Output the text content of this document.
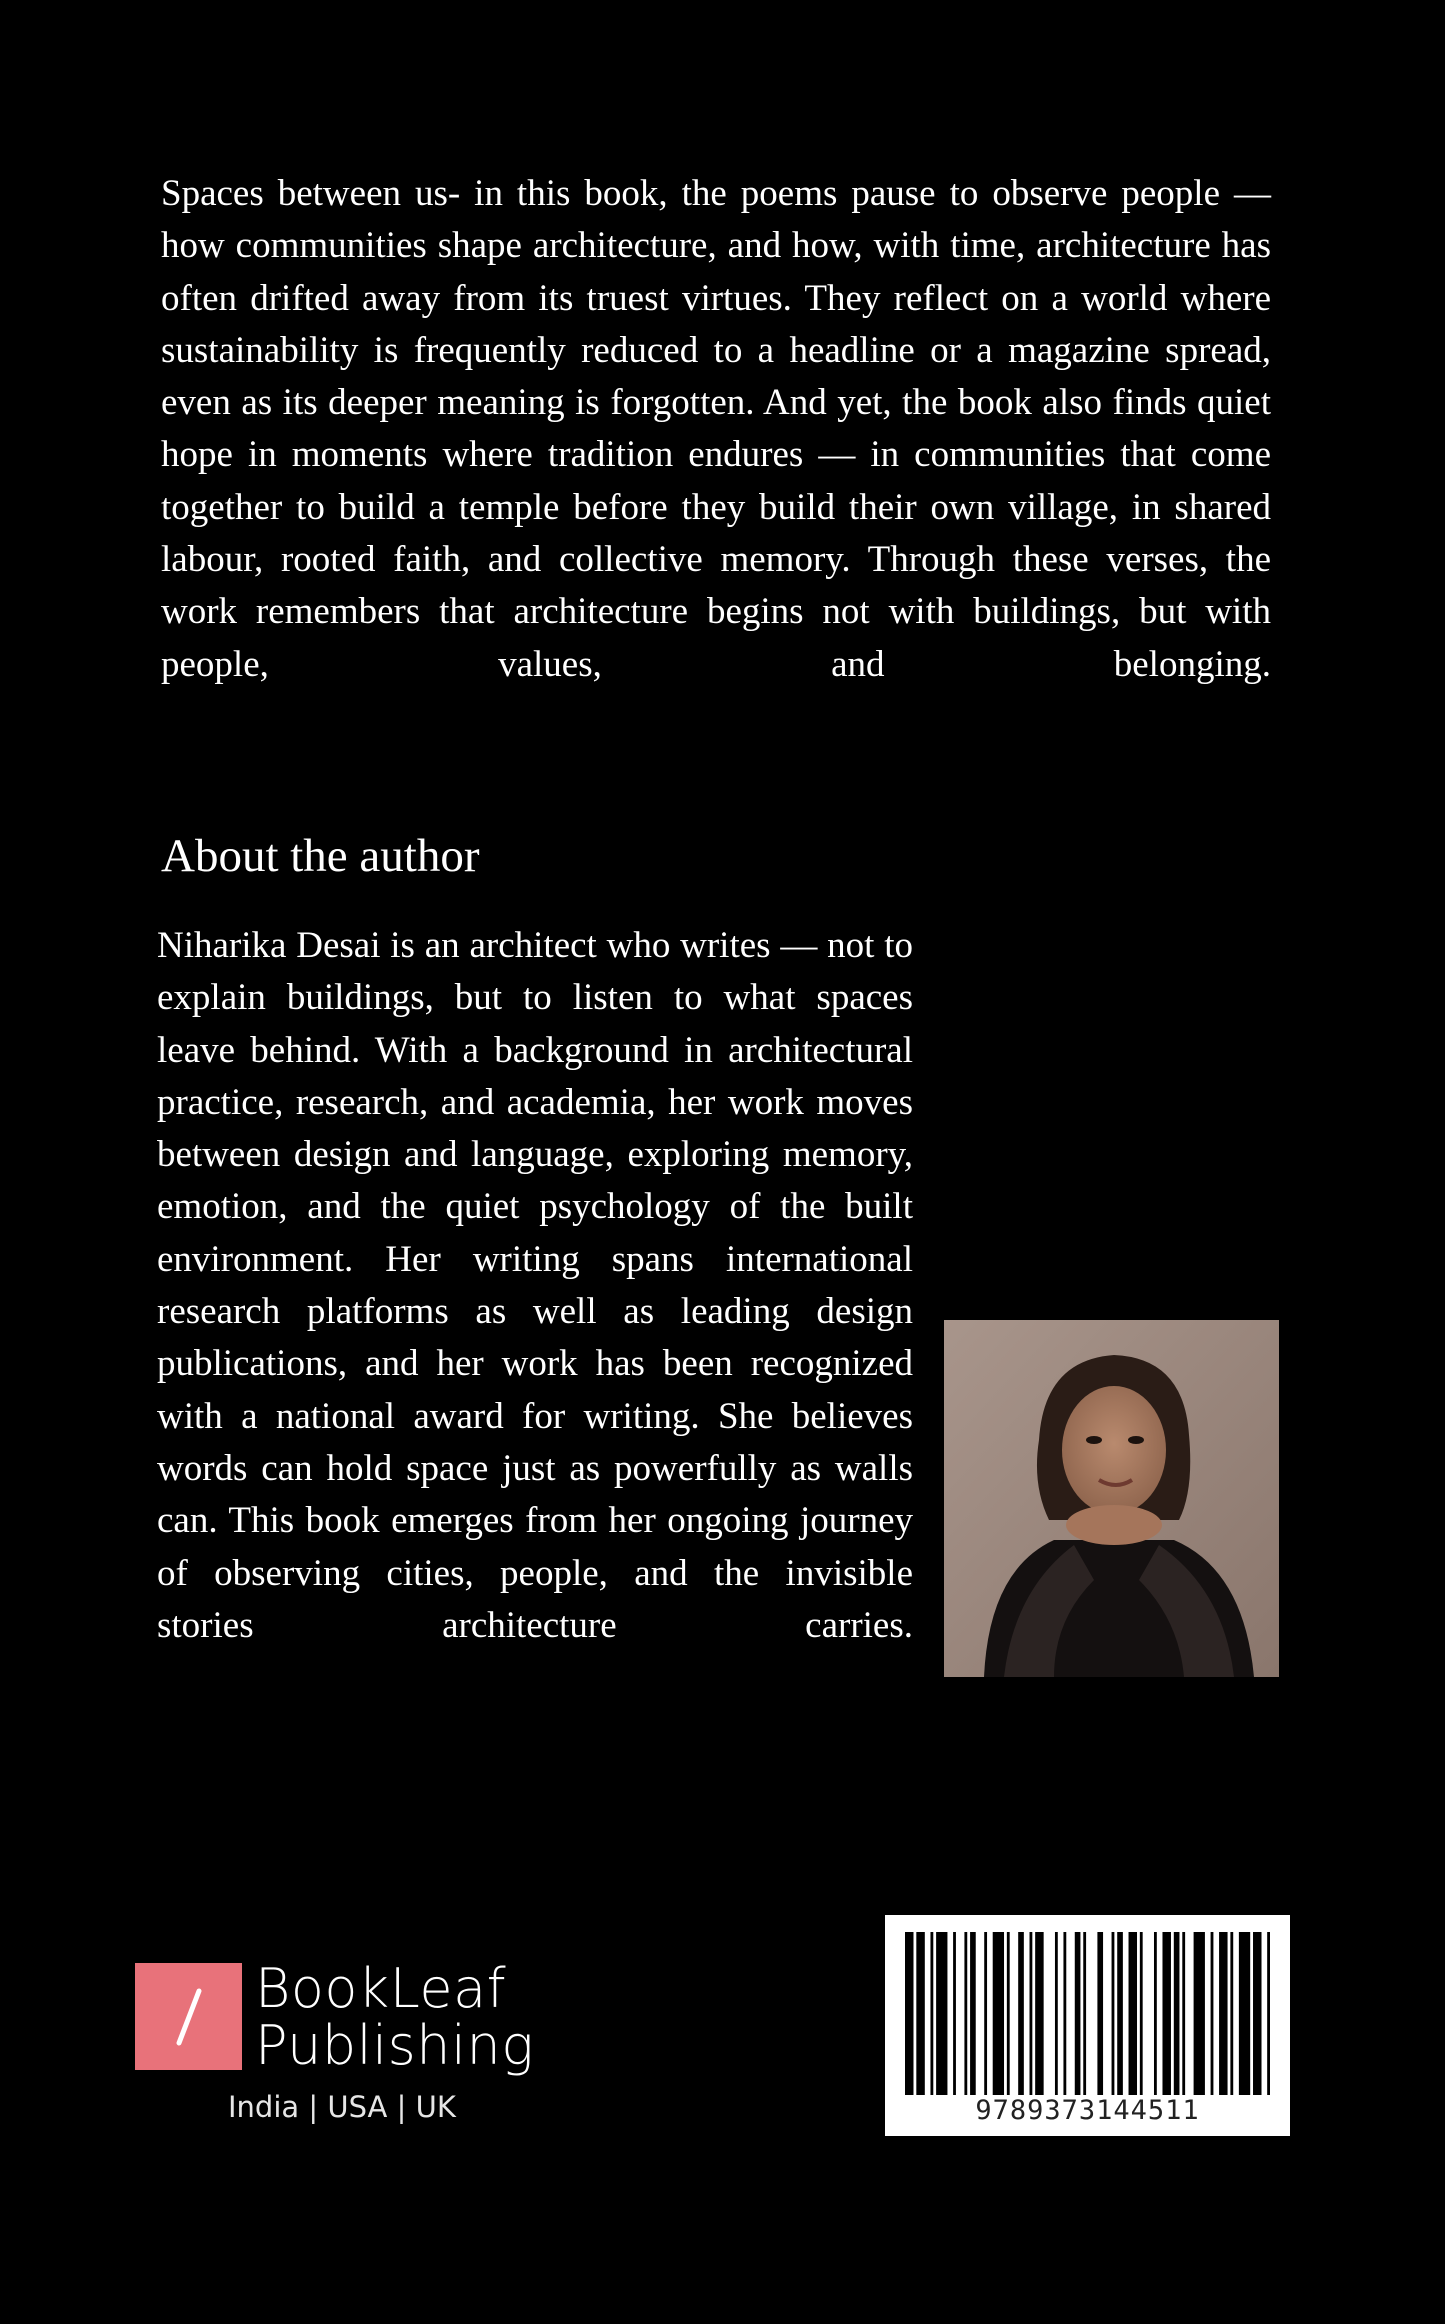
Spaces between us- in this book, the poems pause to observe people — how communities shape architecture, and how, with time, architecture has often drifted away from its truest virtues. They reflect on a world where sustainability is frequently reduced to a headline or a magazine spread, even as its deeper meaning is forgotten. And yet, the book also finds quiet hope in moments where tradition endures — in communities that come together to build a temple before they build their own village, in shared labour, rooted faith, and collective memory. Through these verses, the work remembers that architecture begins not with buildings, but with people, values, and belonging.

About the author

Niharika Desai is an architect who writes — not to explain buildings, but to listen to what spaces leave behind. With a background in architectural practice, research, and academia, her work moves between design and language, exploring memory, emotion, and the quiet psychology of the built environment. Her writing spans international research platforms as well as leading design publications, and her work has been recognized with a national award for writing. She believes words can hold space just as powerfully as walls can. This book emerges from her ongoing journey of observing cities, people, and the invisible stories architecture carries.

BookLeaf
Publishing

India | USA | UK	9789373144511
